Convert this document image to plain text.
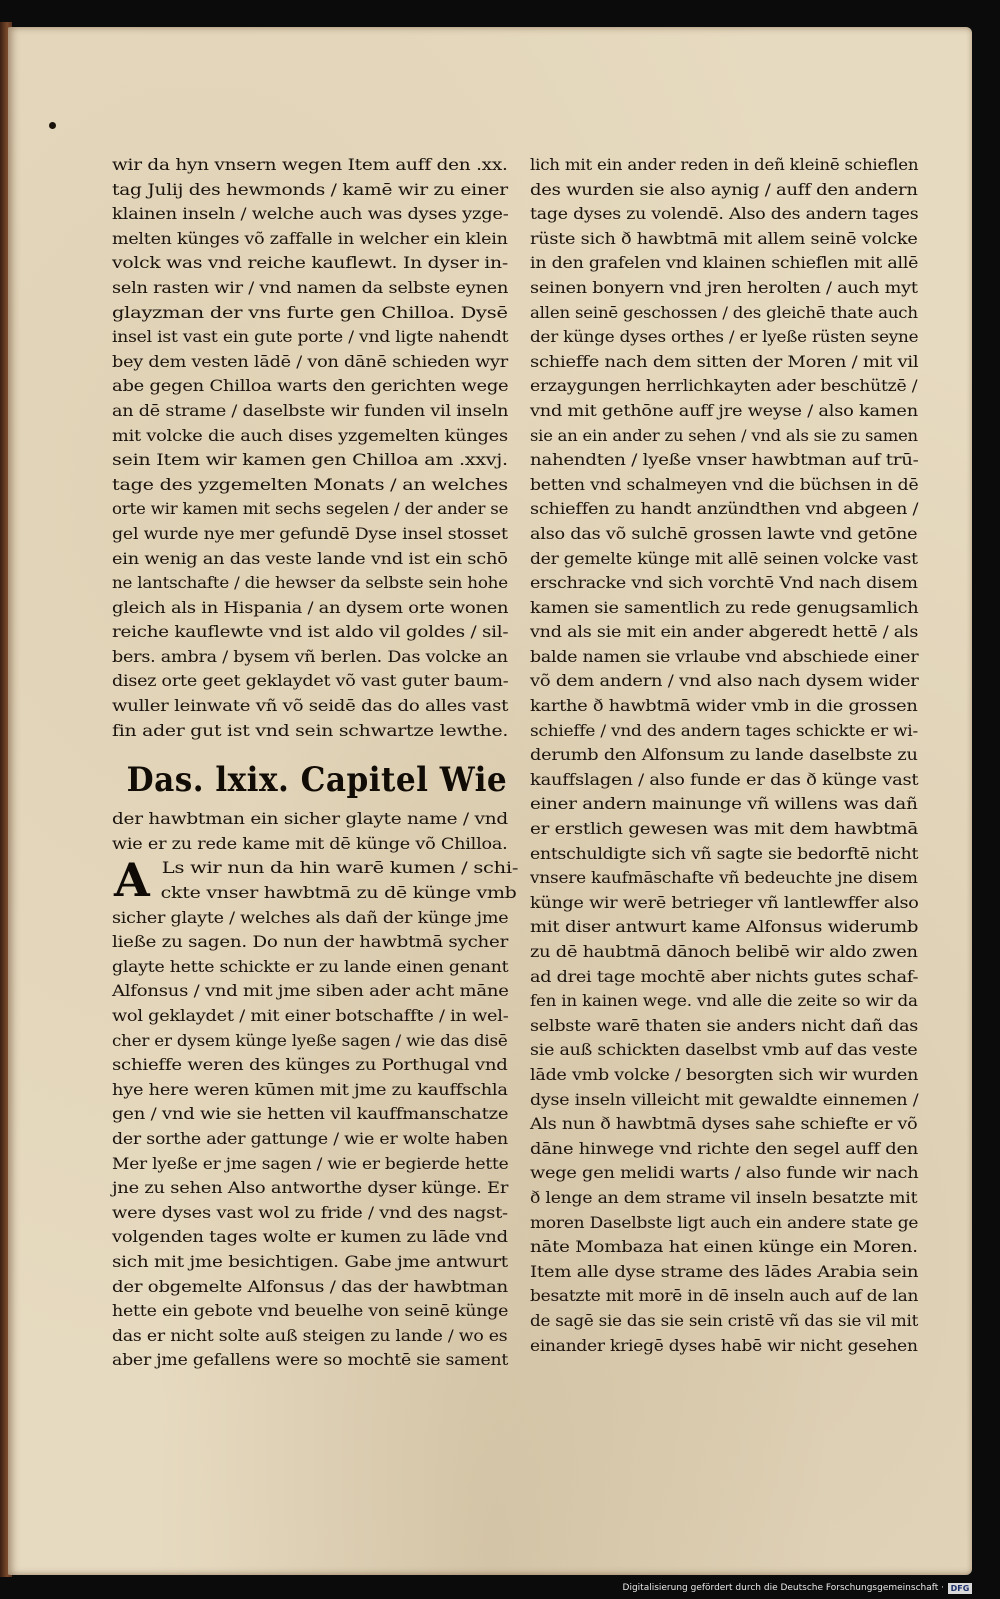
wir da hyn vnsern wegen Item auff den .xx.
tag Julij des hewmonds / kamē wir zu einer
klainen inseln / welche auch was dyses yzge-
melten künges võ zaffalle in welcher ein klein
volck was vnd reiche kauflewt. In dyser in-
seln rasten wir / vnd namen da selbste eynen
glayzman der vns furte gen Chilloa. Dysē
insel ist vast ein gute porte / vnd ligte nahendt
bey dem vesten lādē / von dānē schieden wyr
abe gegen Chilloa warts den gerichten wege
an dē strame / daselbste wir funden vil inseln
mit volcke die auch dises yzgemelten künges
sein Item wir kamen gen Chilloa am .xxvj.
tage des yzgemelten Monats / an welches
orte wir kamen mit sechs segelen / der ander se
gel wurde nye mer gefundē Dyse insel stosset
ein wenig an das veste lande vnd ist ein schō
ne lantschafte / die hewser da selbste sein hohe
gleich als in Hispania / an dysem orte wonen
reiche kauflewte vnd ist aldo vil goldes / sil-
bers. ambra / bysem vñ berlen. Das volcke an
disez orte geet geklaydet võ vast guter baum-
wuller leinwate vñ võ seidē das do alles vast
fin ader gut ist vnd sein schwartze lewthe.
Das. lxix. Capitel Wie
der hawbtman ein sicher glayte name / vnd
wie er zu rede kame mit dē künge võ Chilloa.
A Ls wir nun da hin warē kumen / schi-
ckte vnser hawbtmā zu dē künge vmb
sicher glayte / welches als dañ der künge jme
ließe zu sagen. Do nun der hawbtmā sycher
glayte hette schickte er zu lande einen genant
Alfonsus / vnd mit jme siben ader acht māne
wol geklaydet / mit einer botschaffte / in wel-
cher er dysem künge lyeße sagen / wie das disē
schieffe weren des künges zu Porthugal vnd
hye here weren kūmen mit jme zu kauffschla
gen / vnd wie sie hetten vil kauffmanschatze
der sorthe ader gattunge / wie er wolte haben
Mer lyeße er jme sagen / wie er begierde hette
jne zu sehen Also antworthe dyser künge. Er
were dyses vast wol zu fride / vnd des nagst-
volgenden tages wolte er kumen zu lāde vnd
sich mit jme besichtigen. Gabe jme antwurt
der obgemelte Alfonsus / das der hawbtman
hette ein gebote vnd beuelhe von seinē künge
das er nicht solte auß steigen zu lande / wo es
aber jme gefallens were so mochtē sie sament
lich mit ein ander reden in deñ kleinē schieflen
des wurden sie also aynig / auff den andern
tage dyses zu volendē. Also des andern tages
rüste sich ð hawbtmā mit allem seinē volcke
in den grafelen vnd klainen schieflen mit allē
seinen bonyern vnd jren herolten / auch myt
allen seinē geschossen / des gleichē thate auch
der künge dyses orthes / er lyeße rüsten seyne
schieffe nach dem sitten der Moren / mit vil
erzaygungen herrlichkayten ader beschützē /
vnd mit gethōne auff jre weyse / also kamen
sie an ein ander zu sehen / vnd als sie zu samen
nahendten / lyeße vnser hawbtman auf trū-
betten vnd schalmeyen vnd die büchsen in dē
schieffen zu handt anzündthen vnd abgeen /
also das võ sulchē grossen lawte vnd getōne
der gemelte künge mit allē seinen volcke vast
erschracke vnd sich vorchtē Vnd nach disem
kamen sie samentlich zu rede genugsamlich
vnd als sie mit ein ander abgeredt hettē / als
balde namen sie vrlaube vnd abschiede einer
võ dem andern / vnd also nach dysem wider
karthe ð hawbtmā wider vmb in die grossen
schieffe / vnd des andern tages schickte er wi-
derumb den Alfonsum zu lande daselbste zu
kauffslagen / also funde er das ð künge vast
einer andern mainunge vñ willens was dañ
er erstlich gewesen was mit dem hawbtmā
entschuldigte sich vñ sagte sie bedorftē nicht
vnsere kaufmāschafte vñ bedeuchte jne disem
künge wir werē betrieger vñ lantlewffer also
mit diser antwurt kame Alfonsus widerumb
zu dē haubtmā dānoch belibē wir aldo zwen
ad drei tage mochtē aber nichts gutes schaf-
fen in kainen wege. vnd alle die zeite so wir da
selbste warē thaten sie anders nicht dañ das
sie auß schickten daselbst vmb auf das veste
lāde vmb volcke / besorgten sich wir wurden
dyse inseln villeicht mit gewaldte einnemen /
Als nun ð hawbtmā dyses sahe schiefte er võ
dāne hinwege vnd richte den segel auff den
wege gen melidi warts / also funde wir nach
ð lenge an dem strame vil inseln besatzte mit
moren Daselbste ligt auch ein andere state ge
nāte Mombaza hat einen künge ein Moren.
Item alle dyse strame des lādes Arabia sein
besatzte mit morē in dē inseln auch auf de lan
de sagē sie das sie sein cristē vñ das sie vil mit
einander kriegē dyses habē wir nicht gesehen
Digitalisierung gefördert durch die Deutsche Forschungsgemeinschaft · DFG
